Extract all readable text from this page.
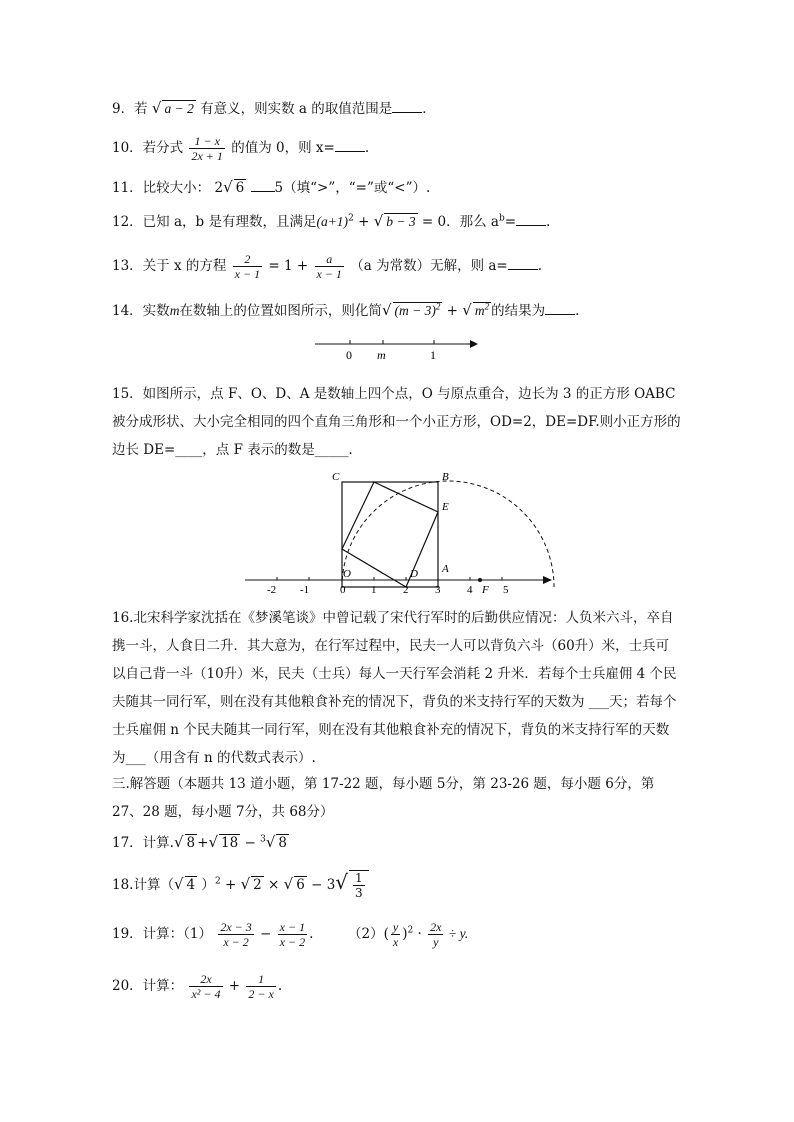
9．若 √ a − 2 有意义，则实数 a 的取值范围是 ．
10．若分式 $\frac{1 - x}{2x + 1}$ 的值为 0，则 x= .
11．比较大小： 2√ 6 5（填“>”，“=”或“<”）.
12．已知 a，b 是有理数，且满足$(a+1)^2$ + √ b − 3 = 0．那么 $a^b=$ .
13．关于 x 的方程 $\frac{2}{x - 1} = 1 + \frac{a}{x - 1} (a$ 为常数）无解，则 a= .
14．实数m在数轴上的位置如图所示，则化简√ $(m - 3)^2$ + √ $m^2$ 的结果为 .
0 m	1
15．如图所示，点 F、O、D、A 是数轴上四个点，O 与原点重合，边长为 3 的正方形 OABC 被分成形状、大小完全相同的四个直角三角形和一个小正方形，OD=2，DE=DF.则小正方形的边长 DE=____，点 F 表示的数是_____．
-2 -1	0 1 2 3 4	5
C	B
E
O	D A
F
16.北宋科学家沈括在《梦溪笔谈》中曾记载了宋代行军时的后勤供应情况：人负米六斗，卒自携一斗，人食日二升．其大意为，在行军过程中，民夫一人可以背负六斗（60升）米，士兵可以自己背一斗（10升）米，民夫（士兵）每人一天行军会消耗 2 升米．若每个士兵雇佣 4 个民夫随其一同行军，则在没有其他粮食补充的情况下，背负的米支持行军的天数为 ___天；若每个士兵雇佣 n 个民夫随其一同行军，则在没有其他粮食补充的情况下，背负的米支持行军的天数为___（用含有 n 的代数式表示）.
三.解答题（本题共 13 道小题，第 17-22 题，每小题 5分，第 23-26 题，每小题 6分，第 27、28 题，每小题 7分，共 68分）
17．计算.√ 8 +√ 18 − $^3$√ 8
18.计算（√ 4 ）$^2$ + √ 2 × √ $6 - 3√ \frac{1}{3}$
19．计算：$(1) \frac{2x - 3}{x - 2} - \frac{x - 1}{x - 2}$ .	$(2)( \frac{y}{x} )^2 \cdot \frac{2x}{y} \div y$.
20．计算： $\frac{2x}{\text{x² − 4}} + \frac{1}{2 - x}$ .
